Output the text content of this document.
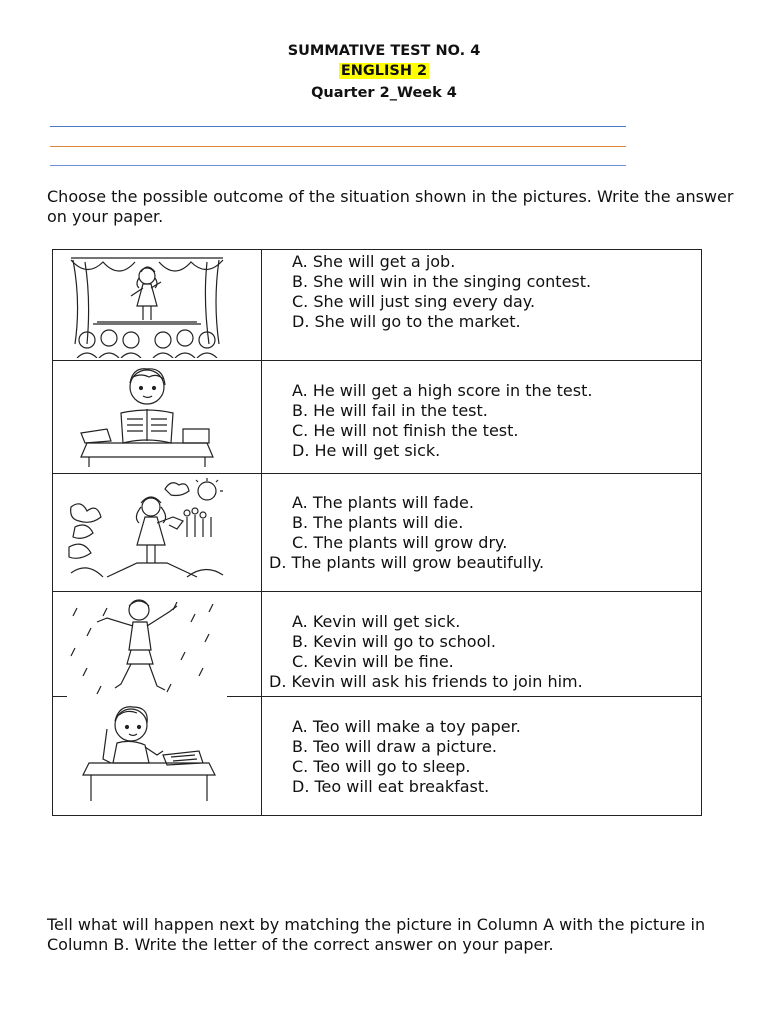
SUMMATIVE TEST NO. 4
ENGLISH 2
Quarter 2_Week 4
Choose the possible outcome of the situation shown in the pictures. Write the answer on your paper.
A. She will get a job.
B. She will win in the singing contest.
C. She will just sing every day.
D. She will go to the market.
A. He will get a high score in the test.
B. He will fail in the test.
C. He will not finish the test.
D. He will get sick.
A. The plants will fade.
B. The plants will die.
C. The plants will grow dry.
D. The plants will grow beautifully.
A. Kevin will get sick.
B. Kevin will go to school.
C. Kevin will be fine.
D. Kevin will ask his friends to join him.
A. Teo will make a toy paper.
B. Teo will draw a picture.
C. Teo will go to sleep.
D. Teo will eat breakfast.
Tell what will happen next by matching the picture in Column A with the picture in Column B. Write the letter of the correct answer on your paper.
